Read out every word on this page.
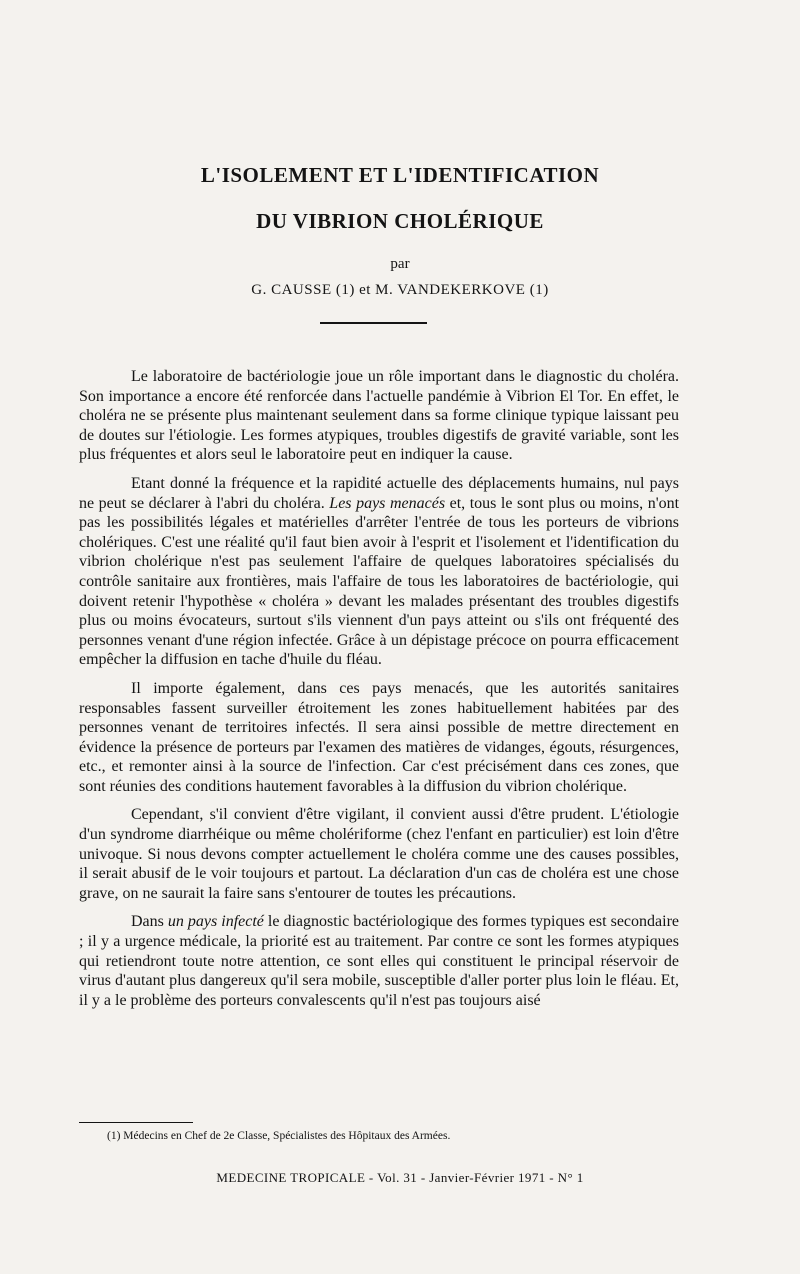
L'ISOLEMENT ET L'IDENTIFICATION
DU VIBRION CHOLÉRIQUE
par
G. CAUSSE (1) et M. VANDEKERKOVE (1)

Le laboratoire de bactériologie joue un rôle important dans le diagnostic du choléra. Son importance a encore été renforcée dans l'actuelle pandémie à Vibrion El Tor. En effet, le choléra ne se présente plus maintenant seulement dans sa forme clinique typique laissant peu de doutes sur l'étiologie. Les formes atypiques, troubles digestifs de gravité variable, sont les plus fréquentes et alors seul le laboratoire peut en indiquer la cause.

Etant donné la fréquence et la rapidité actuelle des déplacements humains, nul pays ne peut se déclarer à l'abri du choléra. Les pays menacés et, tous le sont plus ou moins, n'ont pas les possibilités légales et matérielles d'arrêter l'entrée de tous les porteurs de vibrions cholériques. C'est une réalité qu'il faut bien avoir à l'esprit et l'isolement et l'identification du vibrion cholérique n'est pas seulement l'affaire de quelques laboratoires spécialisés du contrôle sanitaire aux frontières, mais l'affaire de tous les laboratoires de bactériologie, qui doivent retenir l'hypothèse « choléra » devant les malades présentant des troubles digestifs plus ou moins évocateurs, surtout s'ils viennent d'un pays atteint ou s'ils ont fréquenté des personnes venant d'une région infectée. Grâce à un dépistage précoce on pourra efficacement empêcher la diffusion en tache d'huile du fléau.

Il importe également, dans ces pays menacés, que les autorités sanitaires responsables fassent surveiller étroitement les zones habituellement habitées par des personnes venant de territoires infectés. Il sera ainsi possible de mettre directement en évidence la présence de porteurs par l'examen des matières de vidanges, égouts, résurgences, etc., et remonter ainsi à la source de l'infection. Car c'est précisément dans ces zones, que sont réunies des conditions hautement favorables à la diffusion du vibrion cholérique.

Cependant, s'il convient d'être vigilant, il convient aussi d'être prudent. L'étiologie d'un syndrome diarrhéique ou même cholériforme (chez l'enfant en particulier) est loin d'être univoque. Si nous devons compter actuellement le choléra comme une des causes possibles, il serait abusif de le voir toujours et partout. La déclaration d'un cas de choléra est une chose grave, on ne saurait la faire sans s'entourer de toutes les précautions.

Dans un pays infecté le diagnostic bactériologique des formes typiques est secondaire ; il y a urgence médicale, la priorité est au traitement. Par contre ce sont les formes atypiques qui retiendront toute notre attention, ce sont elles qui constituent le principal réservoir de virus d'autant plus dangereux qu'il sera mobile, susceptible d'aller porter plus loin le fléau. Et, il y a le problème des porteurs convalescents qu'il n'est pas toujours aisé

(1) Médecins en Chef de 2e Classe, Spécialistes des Hôpitaux des Armées.
MEDECINE TROPICALE - Vol. 31 - Janvier-Février 1971 - N° 1
